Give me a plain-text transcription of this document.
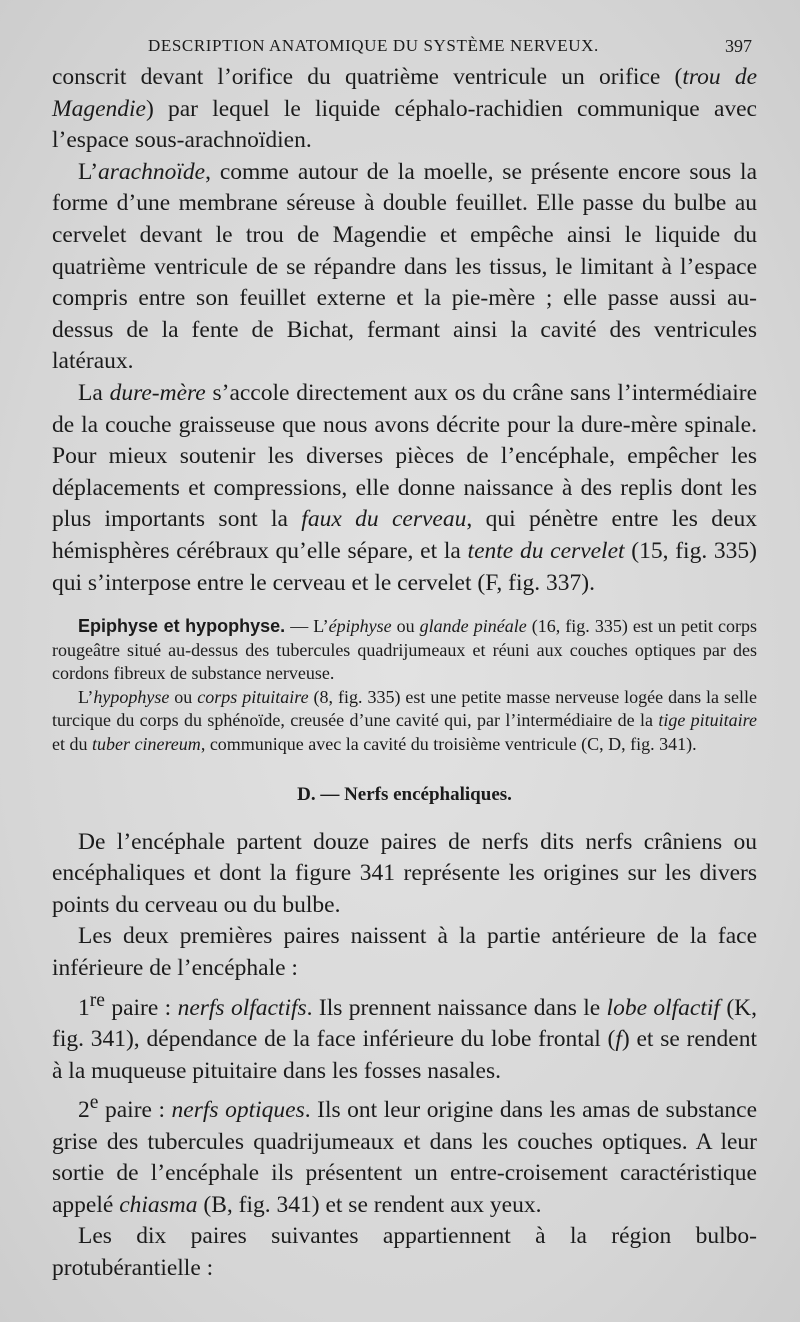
DESCRIPTION ANATOMIQUE DU SYSTÈME NERVEUX.	397

conscrit devant l’orifice du quatrième ventricule un orifice (trou de Magendie) par lequel le liquide céphalo-rachidien communique avec l’espace sous-arachnoïdien.

L’arachnoïde, comme autour de la moelle, se présente encore sous la forme d’une membrane séreuse à double feuillet. Elle passe du bulbe au cervelet devant le trou de Magendie et empêche ainsi le liquide du quatrième ventricule de se répandre dans les tissus, le limitant à l’espace compris entre son feuillet externe et la pie-mère ; elle passe aussi au-dessus de la fente de Bichat, fermant ainsi la cavité des ventricules latéraux.

La dure-mère s’accole directement aux os du crâne sans l’intermédiaire de la couche graisseuse que nous avons décrite pour la dure-mère spinale. Pour mieux soutenir les diverses pièces de l’encéphale, empêcher les déplacements et compressions, elle donne naissance à des replis dont les plus importants sont la faux du cerveau, qui pénètre entre les deux hémisphères cérébraux qu’elle sépare, et la tente du cervelet (15, fig. 335) qui s’interpose entre le cerveau et le cervelet (F, fig. 337).

Epiphyse et hypophyse. — L’épiphyse ou glande pinéale (16, fig. 335) est un petit corps rougeâtre situé au-dessus des tubercules quadrijumeaux et réuni aux couches optiques par des cordons fibreux de substance nerveuse.

L’hypophyse ou corps pituitaire (8, fig. 335) est une petite masse nerveuse logée dans la selle turcique du corps du sphénoïde, creusée d’une cavité qui, par l’intermédiaire de la tige pituitaire et du tuber cinereum, communique avec la cavité du troisième ventricule (C, D, fig. 341).

D. — Nerfs encéphaliques.

De l’encéphale partent douze paires de nerfs dits nerfs crâniens ou encéphaliques et dont la figure 341 représente les origines sur les divers points du cerveau ou du bulbe.

Les deux premières paires naissent à la partie antérieure de la face inférieure de l’encéphale :

1re paire : nerfs olfactifs. Ils prennent naissance dans le lobe olfactif (K, fig. 341), dépendance de la face inférieure du lobe frontal (f) et se rendent à la muqueuse pituitaire dans les fosses nasales.

2e paire : nerfs optiques. Ils ont leur origine dans les amas de substance grise des tubercules quadrijumeaux et dans les couches optiques. A leur sortie de l’encéphale ils présentent un entre-croisement caractéristique appelé chiasma (B, fig. 341) et se rendent aux yeux.

Les dix paires suivantes appartiennent à la région bulbo-protubérantielle :
